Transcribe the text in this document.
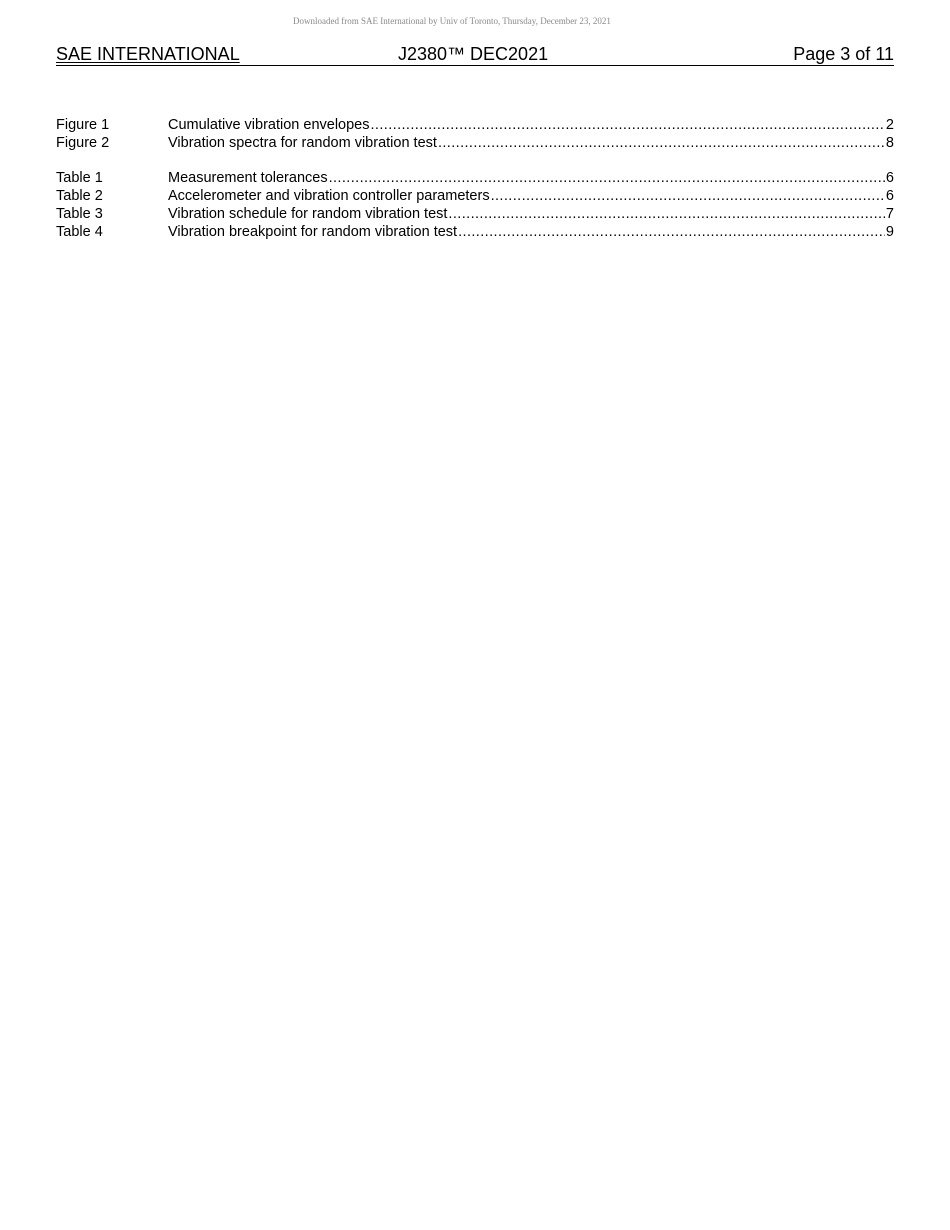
Downloaded from SAE International by Univ of Toronto, Thursday, December 23, 2021
SAE INTERNATIONAL	J2380™ DEC2021	Page 3 of 11
Figure 1	Cumulative vibration envelopes .....	2
Figure 2	Vibration spectra for random vibration test .....	8
Table 1	Measurement tolerances .....	6
Table 2	Accelerometer and vibration controller parameters .....	6
Table 3	Vibration schedule for random vibration test .....	7
Table 4	Vibration breakpoint for random vibration test .....	9
